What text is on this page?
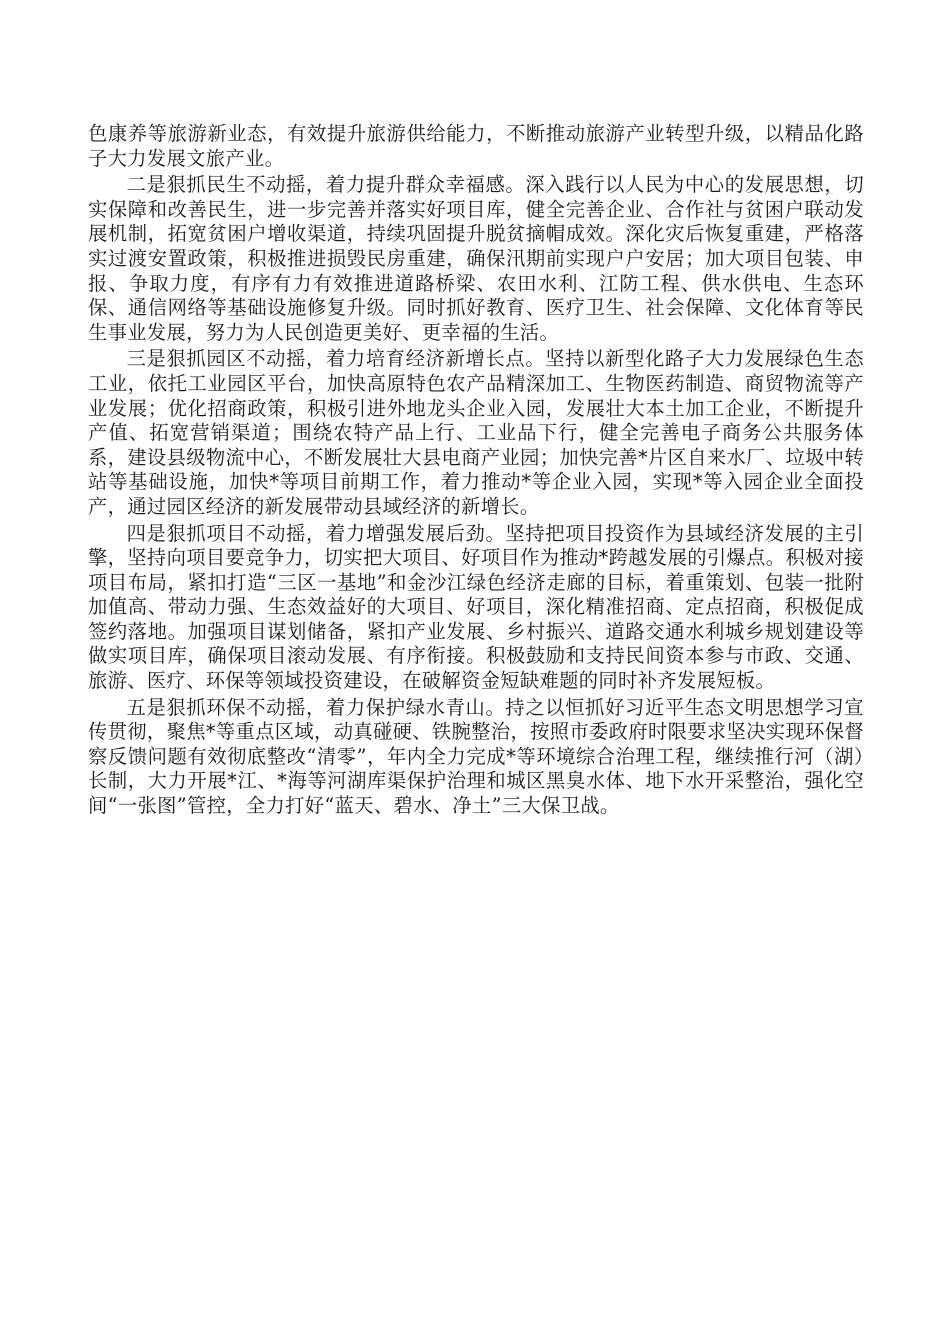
色康养等旅游新业态，有效提升旅游供给能力，不断推动旅游产业转型升级，以精品化路子大力发展文旅产业。

二是狠抓民生不动摇，着力提升群众幸福感。深入践行以人民为中心的发展思想，切实保障和改善民生，进一步完善并落实好项目库，健全完善企业、合作社与贫困户联动发展机制，拓宽贫困户增收渠道，持续巩固提升脱贫摘帽成效。深化灾后恢复重建，严格落实过渡安置政策，积极推进损毁民房重建，确保汛期前实现户户安居；加大项目包装、申报、争取力度，有序有力有效推进道路桥梁、农田水利、江防工程、供水供电、生态环保、通信网络等基础设施修复升级。同时抓好教育、医疗卫生、社会保障、文化体育等民生事业发展，努力为人民创造更美好、更幸福的生活。

三是狠抓园区不动摇，着力培育经济新增长点。坚持以新型化路子大力发展绿色生态工业，依托工业园区平台，加快高原特色农产品精深加工、生物医药制造、商贸物流等产业发展；优化招商政策，积极引进外地龙头企业入园，发展壮大本土加工企业，不断提升产值、拓宽营销渠道；围绕农特产品上行、工业品下行，健全完善电子商务公共服务体系，建设县级物流中心，不断发展壮大县电商产业园；加快完善*片区自来水厂、垃圾中转站等基础设施，加快*等项目前期工作，着力推动*等企业入园，实现*等入园企业全面投产，通过园区经济的新发展带动县域经济的新增长。

四是狠抓项目不动摇，着力增强发展后劲。坚持把项目投资作为县域经济发展的主引擎，坚持向项目要竞争力，切实把大项目、好项目作为推动*跨越发展的引爆点。积极对接项目布局，紧扣打造“三区一基地”和金沙江绿色经济走廊的目标，着重策划、包装一批附加值高、带动力强、生态效益好的大项目、好项目，深化精准招商、定点招商，积极促成签约落地。加强项目谋划储备，紧扣产业发展、乡村振兴、道路交通水利城乡规划建设等做实项目库，确保项目滚动发展、有序衔接。积极鼓励和支持民间资本参与市政、交通、旅游、医疗、环保等领域投资建设，在破解资金短缺难题的同时补齐发展短板。

五是狠抓环保不动摇，着力保护绿水青山。持之以恒抓好习近平生态文明思想学习宣传贯彻，聚焦*等重点区域，动真碰硬、铁腕整治，按照市委政府时限要求坚决实现环保督察反馈问题有效彻底整改“清零”，年内全力完成*等环境综合治理工程，继续推行河（湖）长制，大力开展*江、*海等河湖库渠保护治理和城区黑臭水体、地下水开采整治，强化空间“一张图”管控，全力打好“蓝天、碧水、净土”三大保卫战。
